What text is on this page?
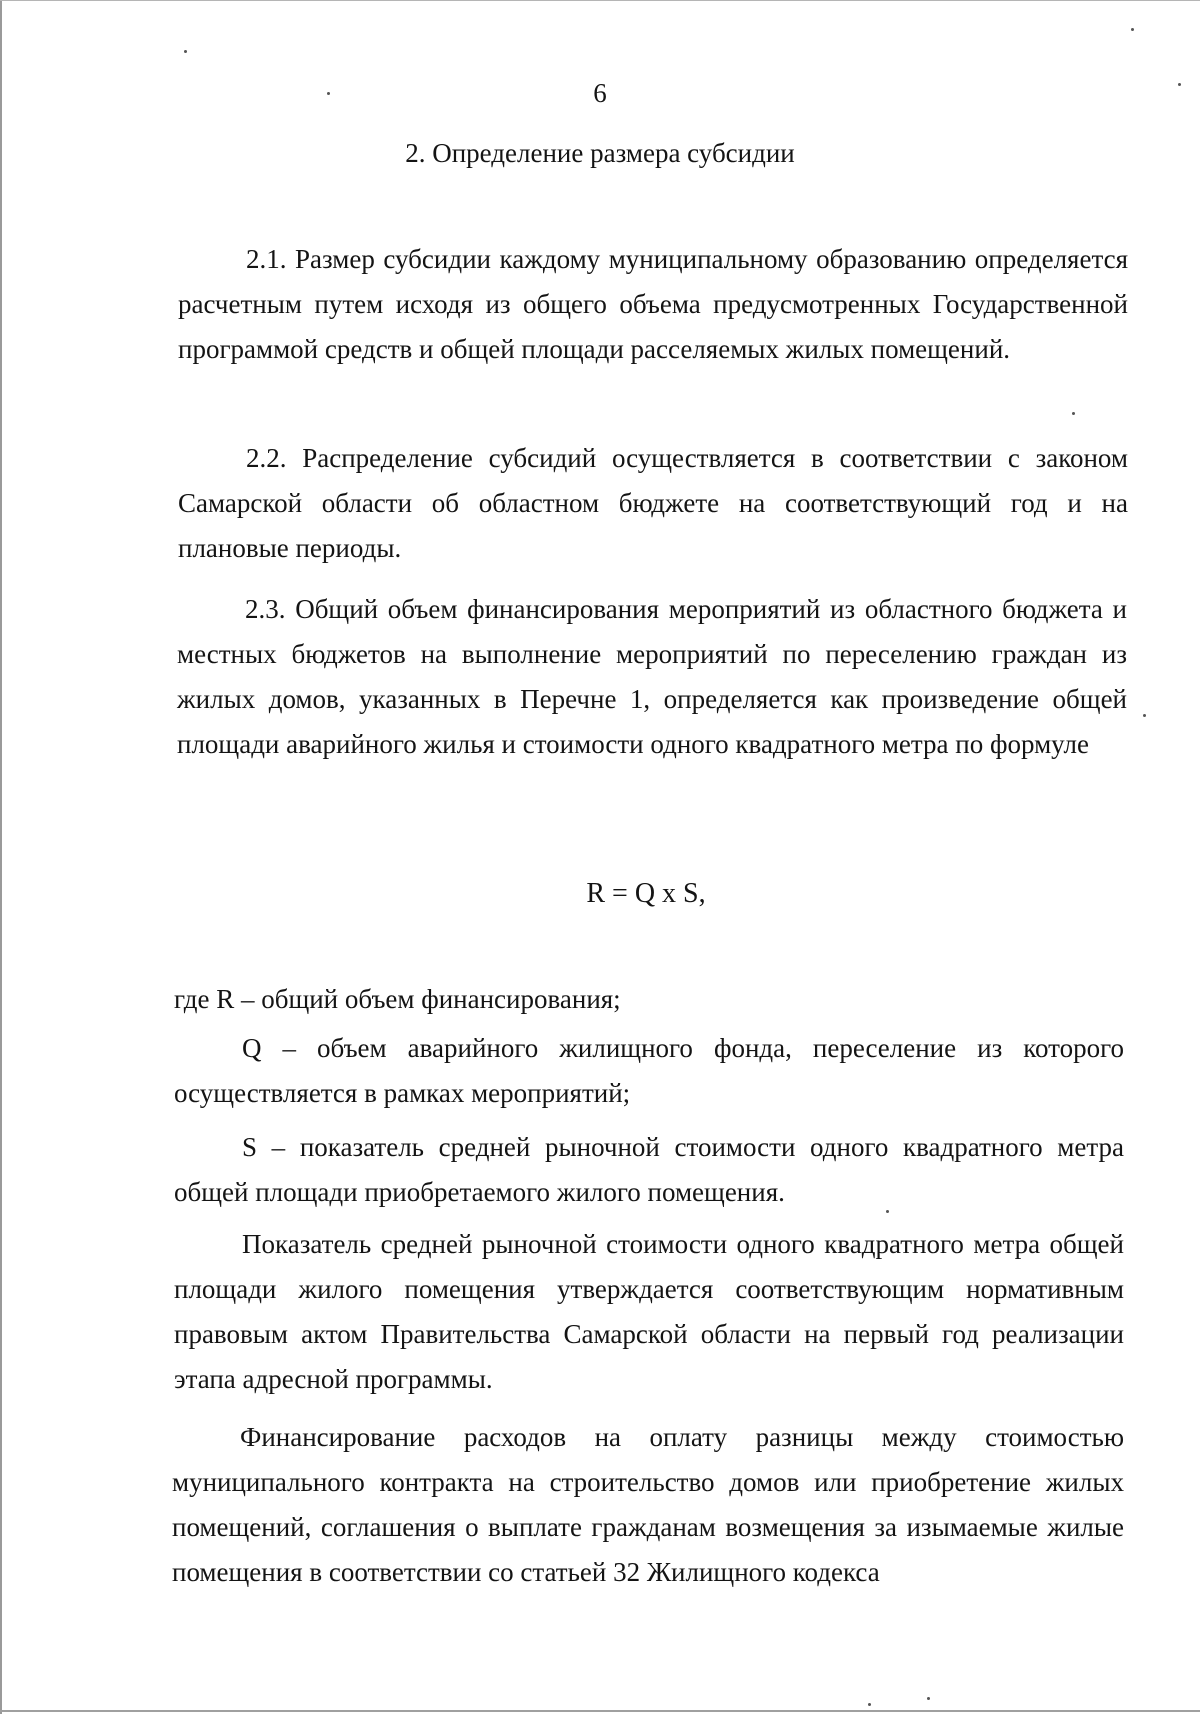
6
2. Определение размера субсидии

2.1. Размер субсидии каждому муниципальному образованию определяется расчетным путем исходя из общего объема предусмотренных Государственной программой средств и общей площади расселяемых жилых помещений.

2.2. Распределение субсидий осуществляется в соответствии с законом Самарской области об областном бюджете на соответствующий год и на плановые периоды.

2.3. Общий объем финансирования мероприятий из областного бюджета и местных бюджетов на выполнение мероприятий по переселению граждан из жилых домов, указанных в Перечне 1, определяется как произведение общей площади аварийного жилья и стоимости одного квадратного метра по формуле

R = Q x S,

где R – общий объем финансирования;

Q – объем аварийного жилищного фонда, переселение из которого осуществляется в рамках мероприятий;

S – показатель средней рыночной стоимости одного квадратного метра общей площади приобретаемого жилого помещения.

Показатель средней рыночной стоимости одного квадратного метра общей площади жилого помещения утверждается соответствующим нормативным правовым актом Правительства Самарской области на первый год реализации этапа адресной программы.

Финансирование расходов на оплату разницы между стоимостью муниципального контракта на строительство домов или приобретение жилых помещений, соглашения о выплате гражданам возмещения за изымаемые жилые помещения в соответствии со статьей 32 Жилищного кодекса
